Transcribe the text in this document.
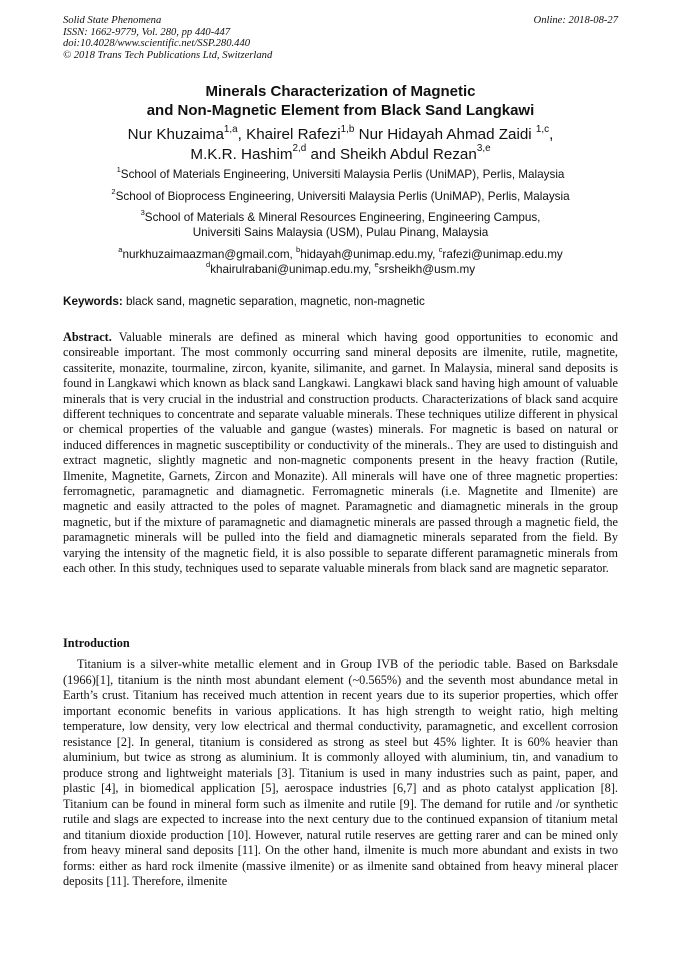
Solid State Phenomena
ISSN: 1662-9779, Vol. 280, pp 440-447
doi:10.4028/www.scientific.net/SSP.280.440
© 2018 Trans Tech Publications Ltd, Switzerland
Online: 2018-08-27
Minerals Characterization of Magnetic
and Non-Magnetic Element from Black Sand Langkawi
Nur Khuzaima$^{1,a}$, Khairel Rafezi$^{1,b}$ Nur Hidayah Ahmad Zaidi $^{1,c}$,
M.K.R. Hashim$^{2,d}$ and Sheikh Abdul Rezan$^{3,e}$
$^1$School of Materials Engineering, Universiti Malaysia Perlis (UniMAP), Perlis, Malaysia
$^2$School of Bioprocess Engineering, Universiti Malaysia Perlis (UniMAP), Perlis, Malaysia
$^3$School of Materials & Mineral Resources Engineering, Engineering Campus,
Universiti Sains Malaysia (USM), Pulau Pinang, Malaysia
$^a$nurkhuzaimaazman@gmail.com, $^b$hidayah@unimap.edu.my, $^c$rafezi@unimap.edu.my
$^d$khairulrabani@unimap.edu.my, $^e$srsheikh@usm.my
Keywords: black sand, magnetic separation, magnetic, non-magnetic
Abstract. Valuable minerals are defined as mineral which having good opportunities to economic and consireable important. The most commonly occurring sand mineral deposits are ilmenite, rutile, magnetite, cassiterite, monazite, tourmaline, zircon, kyanite, silimanite, and garnet. In Malaysia, mineral sand deposits is found in Langkawi which known as black sand Langkawi. Langkawi black sand having high amount of valuable minerals that is very crucial in the industrial and construction products. Characterizations of black sand acquire different techniques to concentrate and separate valuable minerals. These techniques utilize different in physical or chemical properties of the valuable and gangue (wastes) minerals. For magnetic is based on natural or induced differences in magnetic susceptibility or conductivity of the minerals.. They are used to distinguish and extract magnetic, slightly magnetic and non-magnetic components present in the heavy fraction (Rutile, Ilmenite, Magnetite, Garnets, Zircon and Monazite). All minerals will have one of three magnetic properties: ferromagnetic, paramagnetic and diamagnetic. Ferromagnetic minerals (i.e. Magnetite and Ilmenite) are magnetic and easily attracted to the poles of magnet. Paramagnetic and diamagnetic minerals in the group magnetic, but if the mixture of paramagnetic and diamagnetic minerals are passed through a magnetic field, the paramagnetic minerals will be pulled into the field and diamagnetic minerals separated from the field. By varying the intensity of the magnetic field, it is also possible to separate different paramagnetic minerals from each other. In this study, techniques used to separate valuable minerals from black sand are magnetic separator.
Introduction
Titanium is a silver-white metallic element and in Group IVB of the periodic table. Based on Barksdale (1966)[1], titanium is the ninth most abundant element (~0.565%) and the seventh most abundance metal in Earth’s crust. Titanium has received much attention in recent years due to its superior properties, which offer important economic benefits in various applications. It has high strength to weight ratio, high melting temperature, low density, very low electrical and thermal conductivity, paramagnetic, and excellent corrosion resistance [2]. In general, titanium is considered as strong as steel but 45% lighter. It is 60% heavier than aluminium, but twice as strong as aluminium. It is commonly alloyed with aluminium, tin, and vanadium to produce strong and lightweight materials [3]. Titanium is used in many industries such as paint, paper, and plastic [4], in biomedical application [5], aerospace industries [6,7] and as photo catalyst application [8]. Titanium can be found in mineral form such as ilmenite and rutile [9]. The demand for rutile and /or synthetic rutile and slags are expected to increase into the next century due to the continued expansion of titanium metal and titanium dioxide production [10]. However, natural rutile reserves are getting rarer and can be mined only from heavy mineral sand deposits [11]. On the other hand, ilmenite is much more abundant and exists in two forms: either as hard rock ilmenite (massive ilmenite) or as ilmenite sand obtained from heavy mineral placer deposits [11]. Therefore, ilmenite
